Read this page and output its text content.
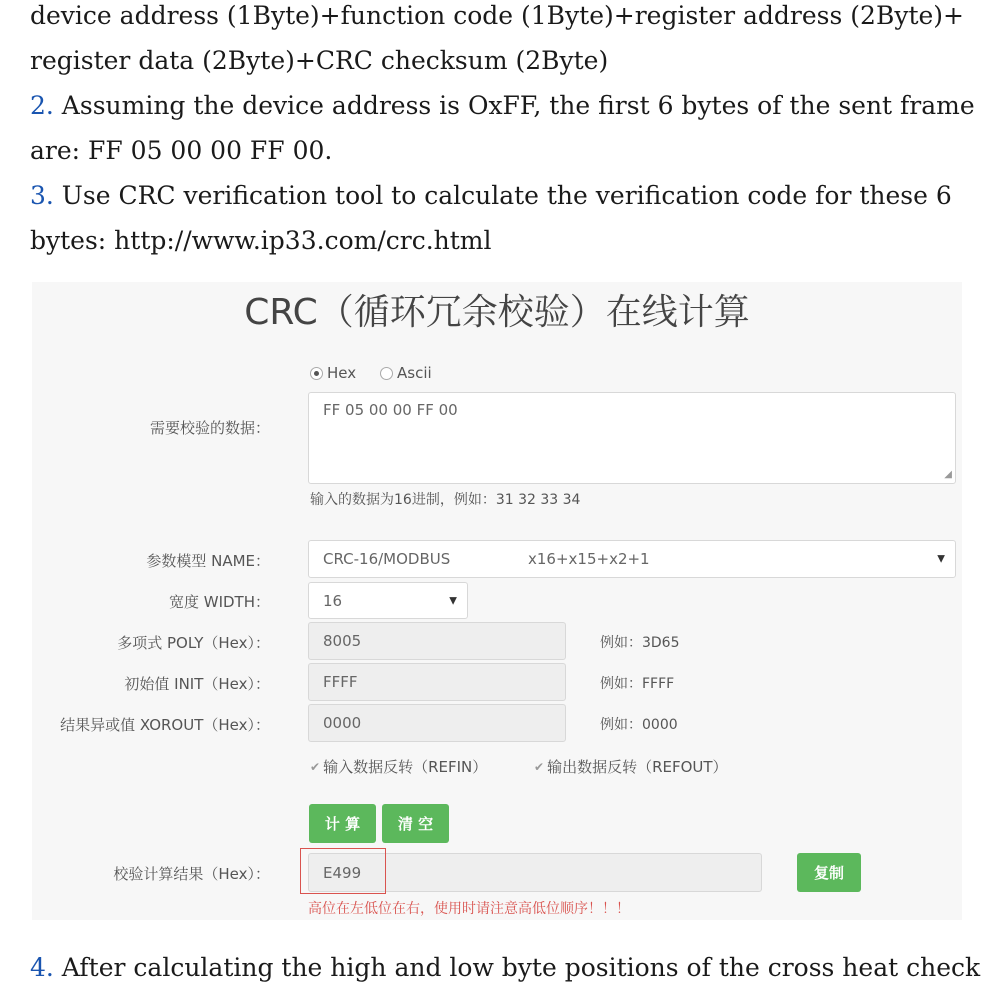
device address (1Byte)+function code (1Byte)+register address (2Byte)+
register data (2Byte)+CRC checksum (2Byte)
2. Assuming the device address is OxFF, the first 6 bytes of the sent frame
are: FF 05 00 00 FF 00.
3. Use CRC verification tool to calculate the verification code for these 6
bytes: http://www.ip33.com/crc.html
CRC（循环冗余校验）在线计算
Hex	Ascii
需要校验的数据：
FF 05 00 00 FF 00
◢
输入的数据为16进制，例如：31 32 33 34
参数模型 NAME：	CRC-16/MODBUS	x16+x15+x2+1	▼
宽度 WIDTH：	16	▼
多项式 POLY（Hex）：	8005	例如：3D65
初始值 INIT（Hex）：	FFFF	例如：FFFF
结果异或值 XOROUT（Hex）：	0000	例如：0000
✔ 输入数据反转（REFIN）	✔ 输出数据反转（REFOUT）
计 算	清 空
校验计算结果（Hex）：	E499	复制
高位在左低位在右，使用时请注意高低位顺序！！！
4. After calculating the high and low byte positions of the cross heat check
